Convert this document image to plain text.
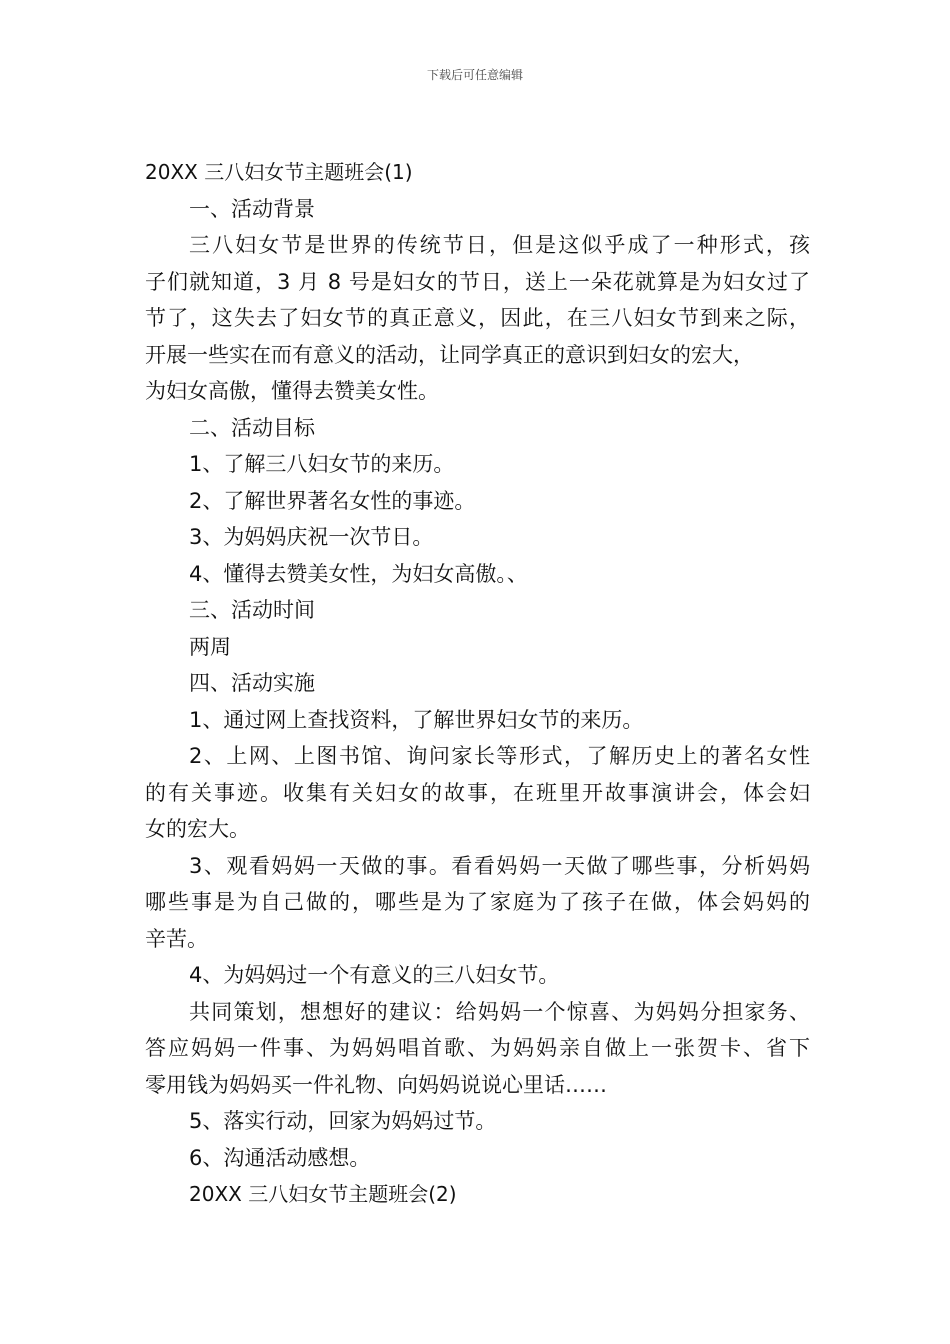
下载后可任意编辑
20XX 三八妇女节主题班会(1)
一、活动背景
三八妇女节是世界的传统节日，但是这似乎成了一种形式，孩
子们就知道，3 月 8 号是妇女的节日，送上一朵花就算是为妇女过了
节了，这失去了妇女节的真正意义，因此，在三八妇女节到来之际，
开展一些实在而有意义的活动，让同学真正的意识到妇女的宏大，
为妇女高傲，懂得去赞美女性。
二、活动目标
1、了解三八妇女节的来历。
2、了解世界著名女性的事迹。
3、为妈妈庆祝一次节日。
4、懂得去赞美女性，为妇女高傲。、
三、活动时间
两周
四、活动实施
1、通过网上查找资料，了解世界妇女节的来历。
2、上网、上图书馆、询问家长等形式，了解历史上的著名女性
的有关事迹。收集有关妇女的故事，在班里开故事演讲会，体会妇
女的宏大。
3、观看妈妈一天做的事。看看妈妈一天做了哪些事，分析妈妈
哪些事是为自己做的，哪些是为了家庭为了孩子在做，体会妈妈的
辛苦。
4、为妈妈过一个有意义的三八妇女节。
共同策划，想想好的建议：给妈妈一个惊喜、为妈妈分担家务、
答应妈妈一件事、为妈妈唱首歌、为妈妈亲自做上一张贺卡、省下
零用钱为妈妈买一件礼物、向妈妈说说心里话……
5、落实行动，回家为妈妈过节。
6、沟通活动感想。
20XX 三八妇女节主题班会(2)
